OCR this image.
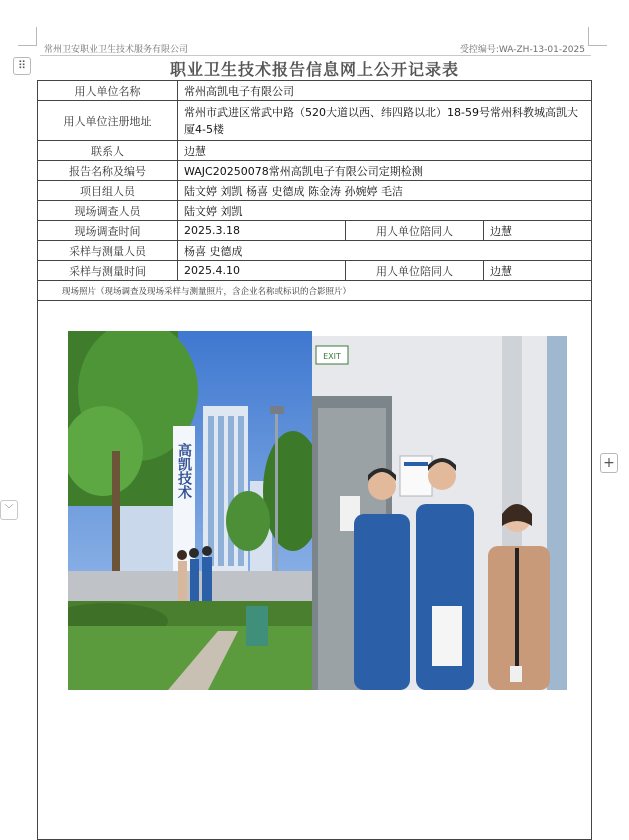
常州卫安职业卫生技术服务有限公司	受控编号:WA-ZH-13-01-2025
⠿	职业卫生技术报告信息网上公开记录表
+
﹀
用人单位名称	常州高凯电子有限公司		
用人单位注册地址	常州市武进区常武中路（520大道以西、纬四路以北）18-59号常州科教城高凯大厦4-5楼		
联系人	边慧		
报告名称及编号	WAJC20250078常州高凯电子有限公司定期检测		
项目组人员	陆文婷 刘凯 杨喜 史德成 陈金涛 孙婉婷 毛洁		
现场调查人员	陆文婷 刘凯		
现场调查时间	2025.3.18	用人单位陪同人	边慧
采样与测量人员	杨喜 史德成		
采样与测量时间	2025.4.10	用人单位陪同人	边慧
现场照片（现场调查及现场采样与测量照片，含企业名称或标识的合影照片）			
高凯技术
EXIT
